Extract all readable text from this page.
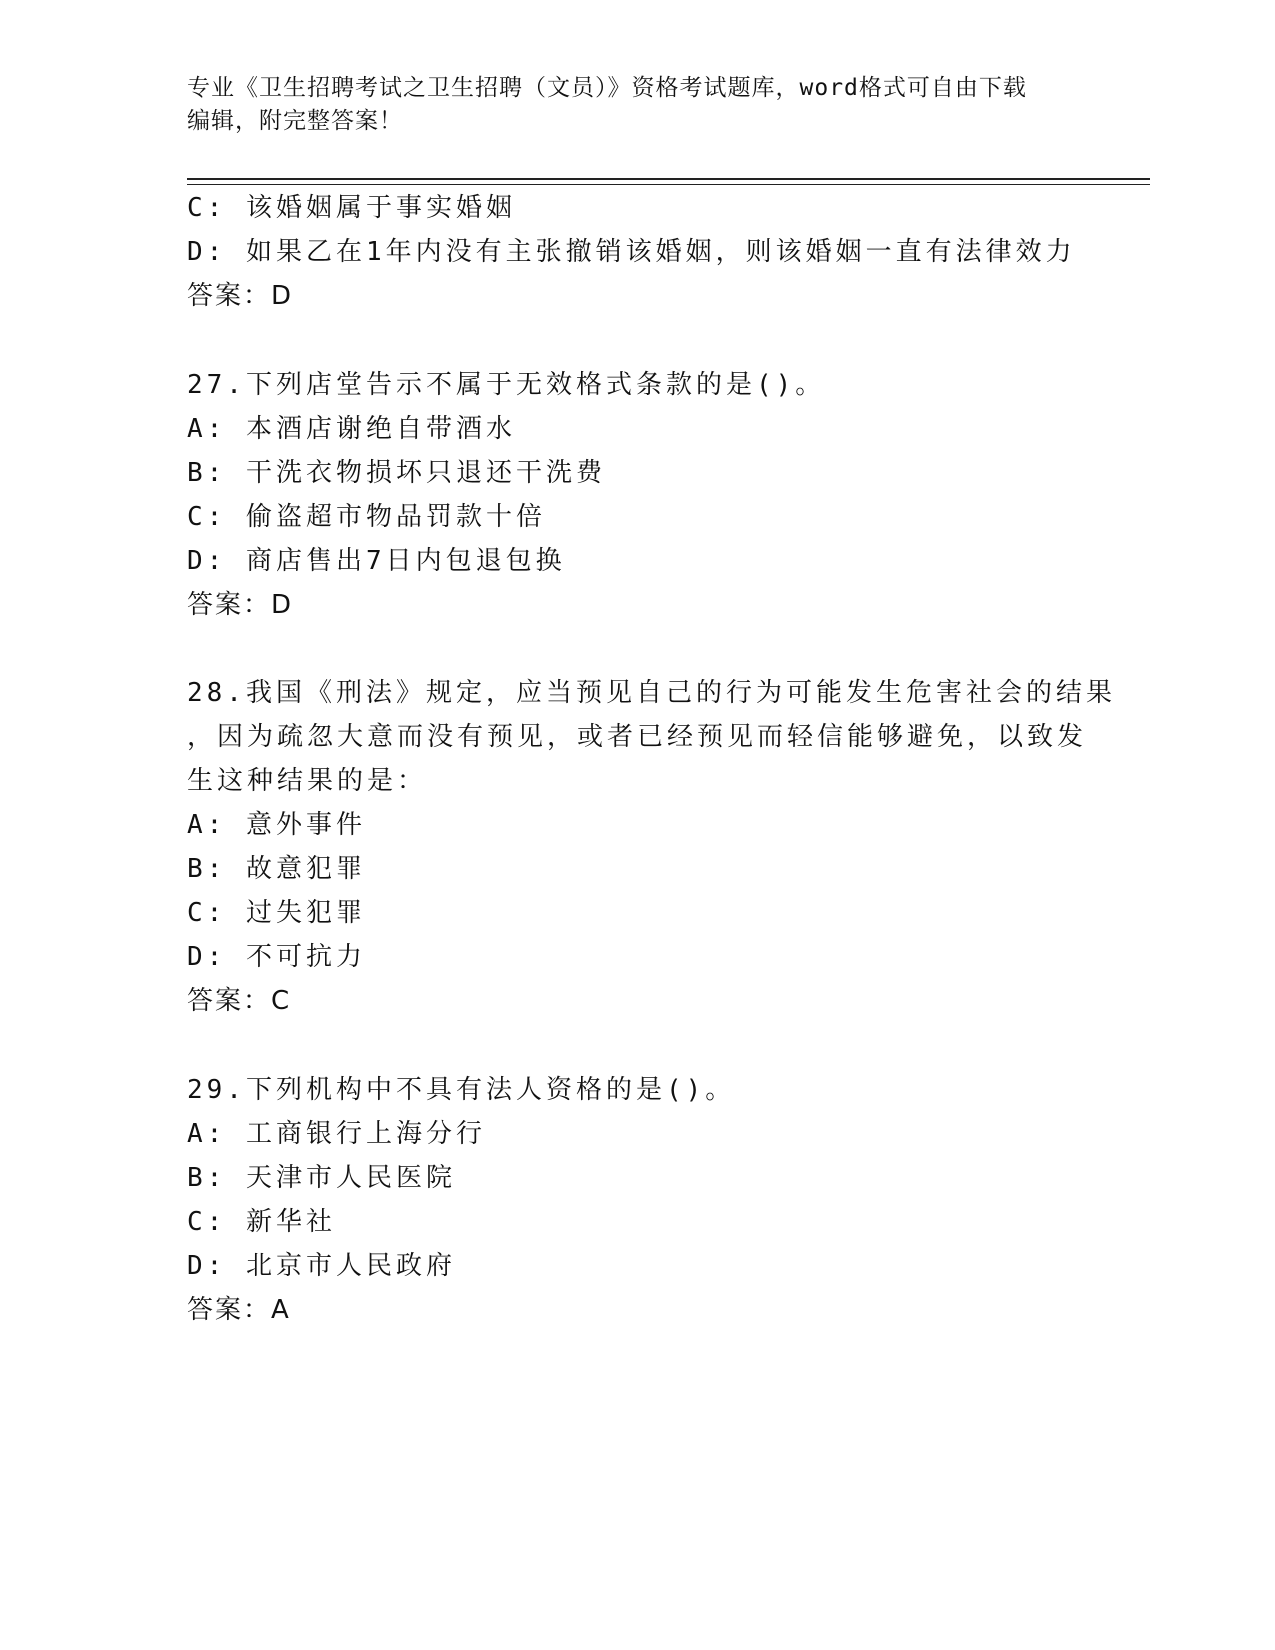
专业《卫生招聘考试之卫生招聘（文员）》资格考试题库，word格式可自由下载
编辑，附完整答案！
C: 该婚姻属于事实婚姻
D: 如果乙在1年内没有主张撤销该婚姻，则该婚姻一直有法律效力
答案：D
27.下列店堂告示不属于无效格式条款的是()。
A: 本酒店谢绝自带酒水
B: 干洗衣物损坏只退还干洗费
C: 偷盗超市物品罚款十倍
D: 商店售出7日内包退包换
答案：D
28.我国《刑法》规定，应当预见自己的行为可能发生危害社会的结果
，因为疏忽大意而没有预见，或者已经预见而轻信能够避免，以致发
生这种结果的是：
A: 意外事件
B: 故意犯罪
C: 过失犯罪
D: 不可抗力
答案：C
29.下列机构中不具有法人资格的是()。
A: 工商银行上海分行
B: 天津市人民医院
C: 新华社
D: 北京市人民政府
答案：A
